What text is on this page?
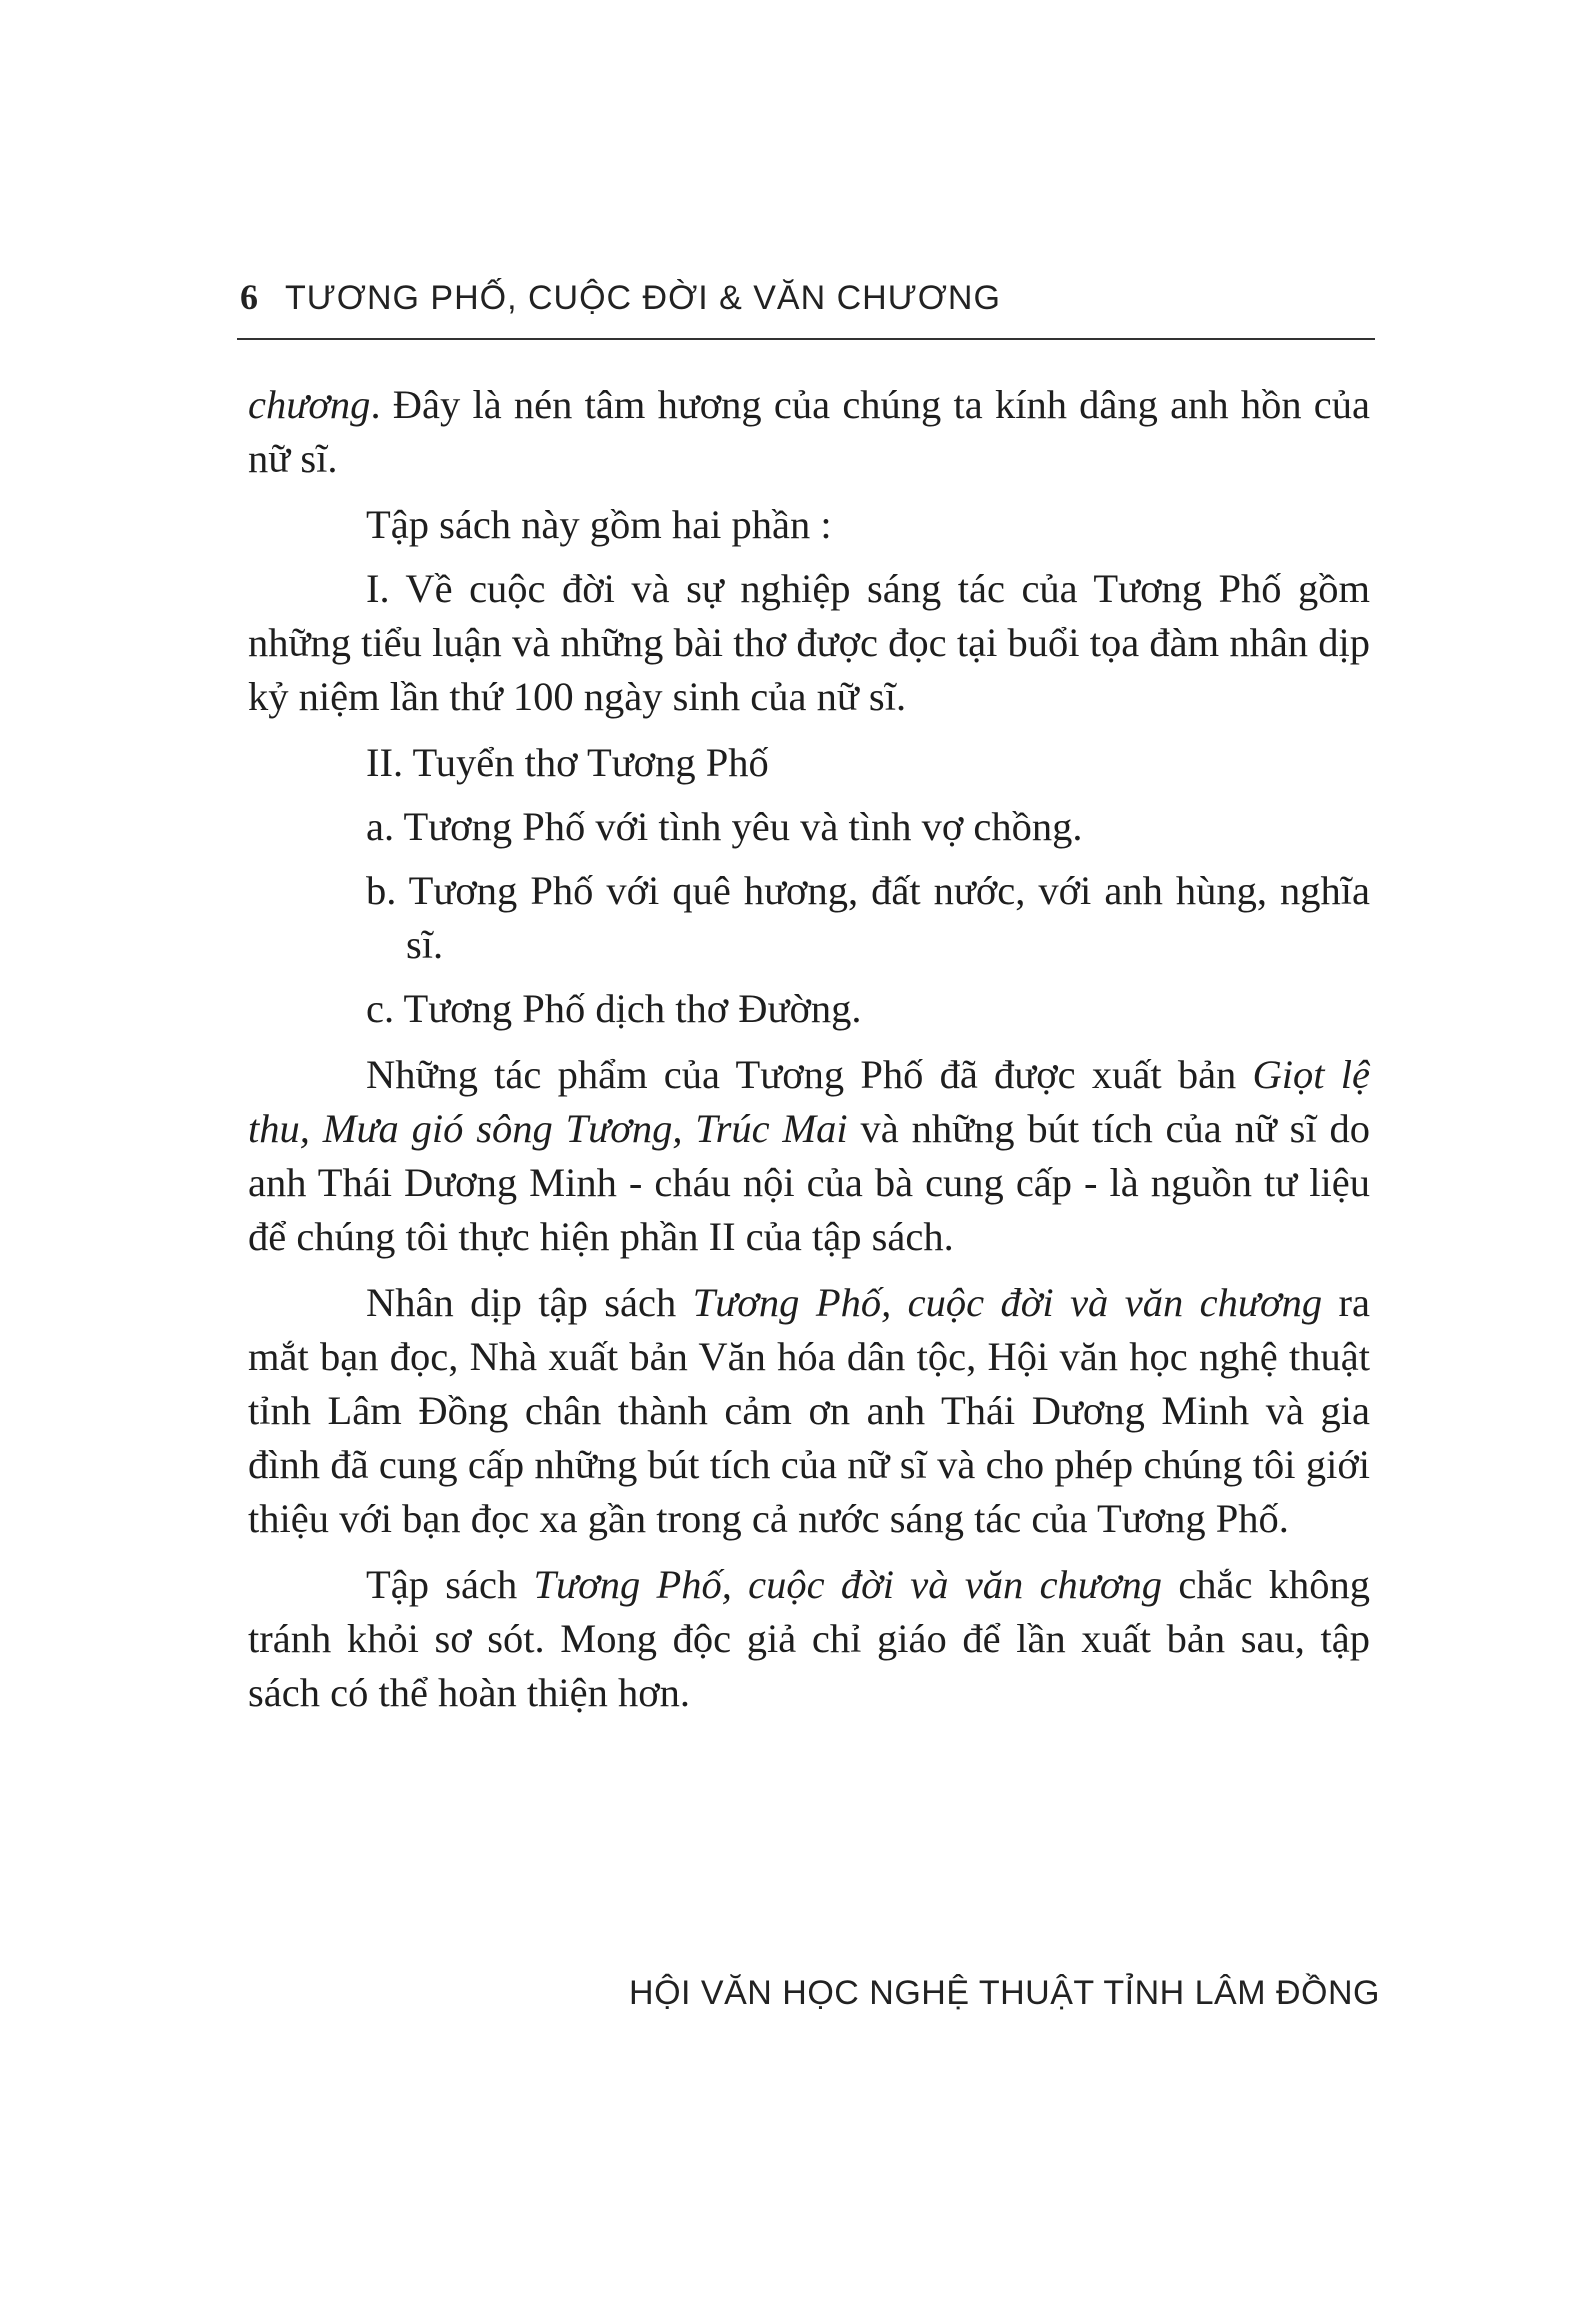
6 TƯƠNG PHỐ, CUỘC ĐỜI & VĂN CHƯƠNG

chương. Đây là nén tâm hương của chúng ta kính dâng anh hồn của nữ sĩ.

Tập sách này gồm hai phần :

I. Về cuộc đời và sự nghiệp sáng tác của Tương Phố gồm những tiểu luận và những bài thơ được đọc tại buổi tọa đàm nhân dịp kỷ niệm lần thứ 100 ngày sinh của nữ sĩ.

II. Tuyển thơ Tương Phố

a. Tương Phố với tình yêu và tình vợ chồng.

b. Tương Phố với quê hương, đất nước, với anh hùng, nghĩa sĩ.

c. Tương Phố dịch thơ Đường.

Những tác phẩm của Tương Phố đã được xuất bản Giọt lệ thu, Mưa gió sông Tương, Trúc Mai và những bút tích của nữ sĩ do anh Thái Dương Minh - cháu nội của bà cung cấp - là nguồn tư liệu để chúng tôi thực hiện phần II của tập sách.

Nhân dịp tập sách Tương Phố, cuộc đời và văn chương ra mắt bạn đọc, Nhà xuất bản Văn hóa dân tộc, Hội văn học nghệ thuật tỉnh Lâm Đồng chân thành cảm ơn anh Thái Dương Minh và gia đình đã cung cấp những bút tích của nữ sĩ và cho phép chúng tôi giới thiệu với bạn đọc xa gần trong cả nước sáng tác của Tương Phố.

Tập sách Tương Phố, cuộc đời và văn chương chắc không tránh khỏi sơ sót. Mong độc giả chỉ giáo để lần xuất bản sau, tập sách có thể hoàn thiện hơn.

HỘI VĂN HỌC NGHỆ THUẬT TỈNH LÂM ĐỒNG
